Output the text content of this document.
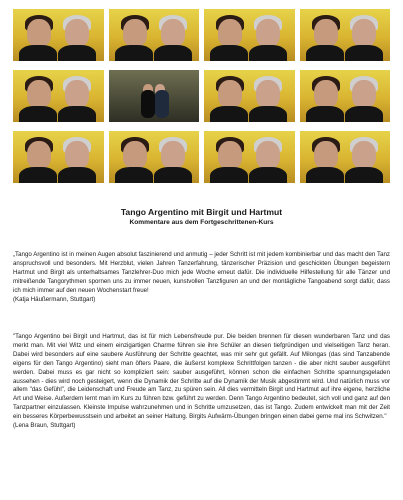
Tango Argentino mit Birgit und Hartmut
Kommentare aus dem Fortgeschrittenen-Kurs

„Tango Argentino ist in meinen Augen absolut faszinierend und anmutig – jeder Schritt ist mit jedem kombinierbar und das macht den Tanz anspruchsvoll und besonders. Mit Herzblut, vielen Jahren Tanzerfahrung, tänzerischer Präzision und geschickten Übungen begeistern Hartmut und Birgit als unterhaltsames Tanzlehrer-Duo mich jede Woche erneut dafür. Die individuelle Hilfestellung für alle Tänzer und mitreißende Tangorythmen spornen uns zu immer neuen, kunstvollen Tanzfiguren an und der montägliche Tangoabend sorgt dafür, dass ich mich immer auf den neuen Wochenstart freue!

(Katja Häußermann, Stuttgart)

"Tango Argentino bei Birgit und Hartmut, das ist für mich Lebensfreude pur. Die beiden brennen für diesen wunderbaren Tanz und das merkt man. Mit viel Witz und einem einzigartigen Charme führen sie ihre Schüler an diesen tiefgründigen und vielseitigen Tanz heran. Dabei wird besonders auf eine saubere Ausführung der Schritte geachtet, was mir sehr gut gefällt. Auf Milongas (das sind Tanzabende eigens für den Tango Argentino) sieht man öfters Paare, die äußerst komplexe Schrittfolgen tanzen - die aber nicht sauber ausgeführt werden. Dabei muss es gar nicht so kompliziert sein: sauber ausgeführt, können schon die einfachen Schritte spannungsgeladen aussehen - dies wird noch gesteigert, wenn die Dynamik der Schritte auf die Dynamik der Musik abgestimmt wird. Und natürlich muss vor allem "das Gefühl", die Leidenschaft und Freude am Tanz, zu spüren sein. All dies vermitteln Birgit und Hartmut auf ihre eigene, herzliche Art und Weise. Außerdem lernt man im Kurs zu führen bzw. geführt zu werden. Denn Tango Argentino bedeutet, sich voll und ganz auf den Tanzpartner einzulassen. Kleinste Impulse wahrzunehmen und in Schritte umzusetzen, das ist Tango. Zudem entwickelt man mit der Zeit ein besseres Körperbewusstsein und arbeitet an seiner Haltung. Birgits Aufwärm-Übungen bringen einen dabei gerne mal ins Schwitzen."

(Lena Braun, Stuttgart)
